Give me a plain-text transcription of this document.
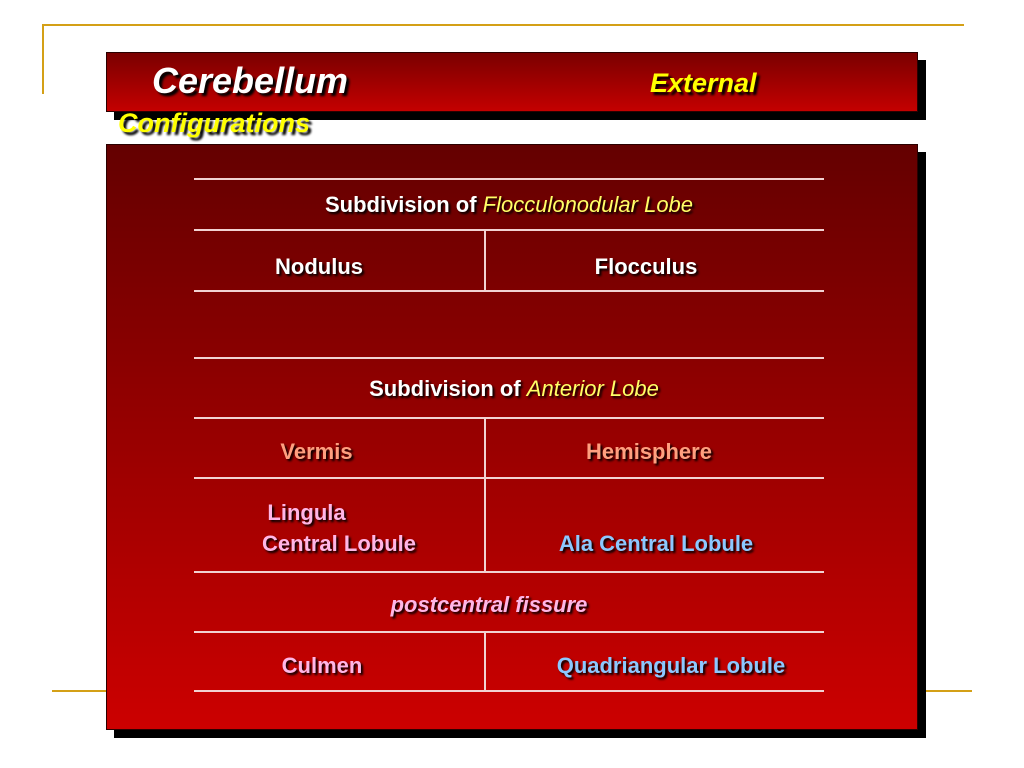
Cerebellum	External
Configurations
Subdivision of Flocculonodular Lobe
Nodulus	Flocculus
Subdivision of Anterior Lobe
Vermis	Hemisphere
Lingula
Central Lobule	Ala Central Lobule
postcentral fissure
Culmen	Quadriangular Lobule
